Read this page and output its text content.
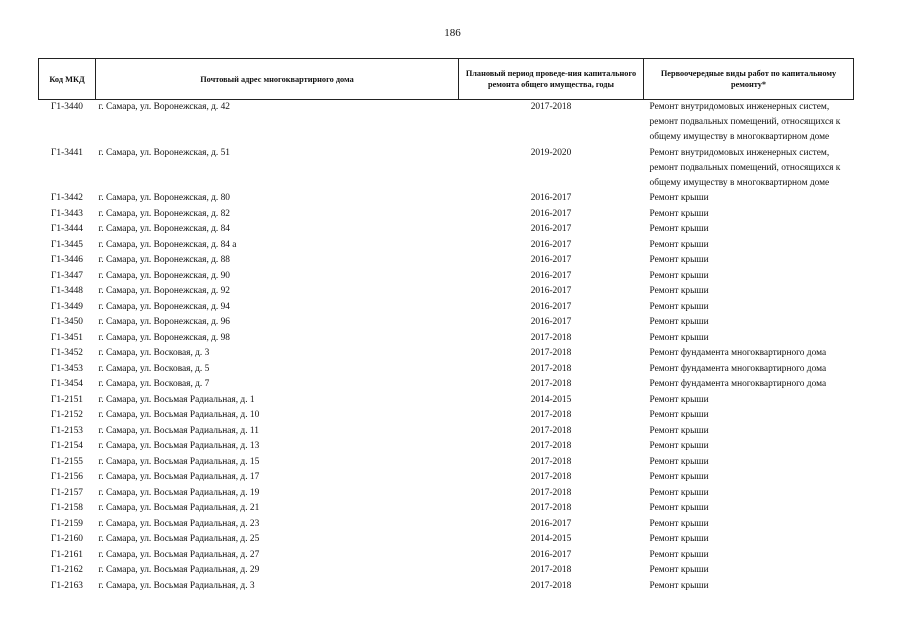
186
Код МКД	Почтовый адрес многоквартирного дома	Плановый период проведе-ния капитального ремонта общего имущества, годы	Первоочередные виды работ по капитальному ремонту*
Г1-3440	г. Самара, ул. Воронежская, д. 42	2017-2018	Ремонт внутридомовых инженерных систем, ремонт подвальных помещений, относящихся к общему имуществу в многоквартирном доме
Г1-3441	г. Самара, ул. Воронежская, д. 51	2019-2020	Ремонт внутридомовых инженерных систем, ремонт подвальных помещений, относящихся к общему имуществу в многоквартирном доме
Г1-3442	г. Самара, ул. Воронежская, д. 80	2016-2017	Ремонт крыши
Г1-3443	г. Самара, ул. Воронежская, д. 82	2016-2017	Ремонт крыши
Г1-3444	г. Самара, ул. Воронежская, д. 84	2016-2017	Ремонт крыши
Г1-3445	г. Самара, ул. Воронежская, д. 84 а	2016-2017	Ремонт крыши
Г1-3446	г. Самара, ул. Воронежская, д. 88	2016-2017	Ремонт крыши
Г1-3447	г. Самара, ул. Воронежская, д. 90	2016-2017	Ремонт крыши
Г1-3448	г. Самара, ул. Воронежская, д. 92	2016-2017	Ремонт крыши
Г1-3449	г. Самара, ул. Воронежская, д. 94	2016-2017	Ремонт крыши
Г1-3450	г. Самара, ул. Воронежская, д. 96	2016-2017	Ремонт крыши
Г1-3451	г. Самара, ул. Воронежская, д. 98	2017-2018	Ремонт крыши
Г1-3452	г. Самара, ул. Восковая, д. 3	2017-2018	Ремонт фундамента многоквартирного дома
Г1-3453	г. Самара, ул. Восковая, д. 5	2017-2018	Ремонт фундамента многоквартирного дома
Г1-3454	г. Самара, ул. Восковая, д. 7	2017-2018	Ремонт фундамента многоквартирного дома
Г1-2151	г. Самара, ул. Восьмая Радиальная, д. 1	2014-2015	Ремонт крыши
Г1-2152	г. Самара, ул. Восьмая Радиальная, д. 10	2017-2018	Ремонт крыши
Г1-2153	г. Самара, ул. Восьмая Радиальная, д. 11	2017-2018	Ремонт крыши
Г1-2154	г. Самара, ул. Восьмая Радиальная, д. 13	2017-2018	Ремонт крыши
Г1-2155	г. Самара, ул. Восьмая Радиальная, д. 15	2017-2018	Ремонт крыши
Г1-2156	г. Самара, ул. Восьмая Радиальная, д. 17	2017-2018	Ремонт крыши
Г1-2157	г. Самара, ул. Восьмая Радиальная, д. 19	2017-2018	Ремонт крыши
Г1-2158	г. Самара, ул. Восьмая Радиальная, д. 21	2017-2018	Ремонт крыши
Г1-2159	г. Самара, ул. Восьмая Радиальная, д. 23	2016-2017	Ремонт крыши
Г1-2160	г. Самара, ул. Восьмая Радиальная, д. 25	2014-2015	Ремонт крыши
Г1-2161	г. Самара, ул. Восьмая Радиальная, д. 27	2016-2017	Ремонт крыши
Г1-2162	г. Самара, ул. Восьмая Радиальная, д. 29	2017-2018	Ремонт крыши
Г1-2163	г. Самара, ул. Восьмая Радиальная, д. 3	2017-2018	Ремонт крыши
